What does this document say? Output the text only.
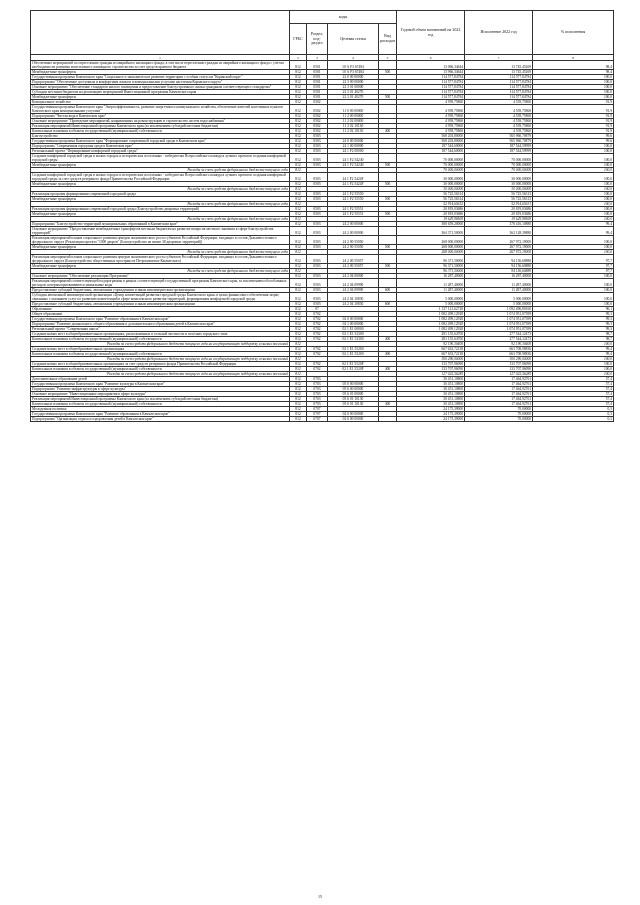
	коды				Годовой объем назначений на 2022 год	Исполнение 2022 год	% исполнения
	ГРБС	Раздел, под-раздел	Целевая статья	Вид расходов			
1	2	3	4	5	6	7	8
Обеспечение мероприятий по переселению граждан из аварийного жилищного фонда, в том числе переселению граждан из аварийного жилищного фонда с учетом необходимости развития малоэтажного жилищного строительства за счет средств краевого бюджета	812	0501	10 А F3 67484		13 966,34644	13 745,45269	98,4
Межбюджетные трансферты	812	0501	10 А F3 67484	500	13 966,34644	13 745,45269	98,4
Государственная программа Камчатского края "Социальное и экономическое развитие территории с особым статусом "Корякский округ"	812	0501	22 0 00 00000		114 577,84784	114 577,84784	100,0
Подпрограмма "Обеспечение доступным и комфортным жильем и коммунальными услугами населения Корякского округа"	812	0501	22 3 00 00000		114 577,84784	114 577,84784	100,0
Основное мероприятие "Обеспечение стандартов жилого помещения и предоставление благоустроенного жилья гражданам соответствующего стандартам"	812	0501	22 3 01 00000		114 577,84784	114 577,84784	100,0
Субсидии местным бюджетам на реализацию мероприятий Инвестиционной программы Камчатского края	812	0501	22 3 01 40270		114 577,84784	114 577,84784	100,0
Межбюджетные трансферты	812	0501	22 3 01 40270	500	114 577,84784	114 577,84784	100,0
Коммунальное хозяйство	812	0502			4 939,75860	4 539,75860	91,9
Государственная программа Камчатского края "Энергоэффективность, развитие энергетики и коммунального хозяйства, обеспечение жителей населенных пунктов Камчатского края коммунальными услугами"	812	0502	11 0 00 00000		4 939,75860	4 539,75860	91,9
Подпрограмма "Чистая вода в Камчатском крае"	812	0502	11 2 00 00000		4 939,75860	4 539,75860	91,9
Основное мероприятие "Проведение мероприятий, направленных на реконструкцию и строительство систем водоснабжения"	812	0502	11 2 02 00000		4 939,75860	4 539,75860	91,9
Реализация мероприятий Инвестиционной программы Камчатского края (за исключением субсидий местным бюджетам)	812	0502	11 2 02 10130		4 939,75860	4 539,75860	91,9
Капитальные вложения в объекты государственной (муниципальной) собственности	812	0502	11 2 02 10130	400	4 939,75860	4 539,75860	91,9
Благоустройство	812	0503			568 203,80000	565 960,70879	99,6
Государственная программа Камчатского края "Формирование современной городской среды в Камчатском крае"	812	0503	24 0 00 00000		568 203,80000	565 960,70879	99,6
Подпрограмма "Современная городская среда в Камчатском крае"	812	0503	24 1 00 00000		187 544,60000	187 544,59999	100,0
Региональный проект "Формирование комфортной городской среды"	812	0503	24 1 F2 00000		187 544,60000	187 544,59999	100,0
Создание комфортной городской среды в малых городах и исторических поселениях - победителях Всероссийского конкурса лучших проектов создания комфортной городской среды	812	0503	24 1 F2 54240		70 000,00000	70 000,00000	100,0
Межбюджетные трансферты	812	0503	24 1 F2 54240	500	70 000,00000	70 000,00000	100,0
Расходы за счет средств федерального бюджета текущего года	812				70 000,00000	70 000,00000	100,0
Создание комфортной городской среды в малых городах и исторических поселениях - победителях Всероссийского конкурса лучших проектов создания комфортной городской среды за счет средств резервного фонда Правительства Российской Федерации	812	0503	24 1 F2 5424F		30 000,00000	30 000,00000	100,0
Межбюджетные трансферты	812	0503	24 1 F2 5424F	500	30 000,00000	30 000,00000	100,0
Расходы за счет средств федерального бюджета текущего года	812				30 000,00000	30 000,00000	100,0
Реализация программ формирования современной городской среды	812	0503	24 1 F2 55550		56 725,56314	56 725,56313	100,0
Межбюджетные трансферты	812	0503	24 1 F2 55550	500	56 725,56314	56 725,56313	100,0
Расходы за счет средств федерального бюджета текущего года	812				52 914,65632	52 914,65631	100,0
Реализация программ формирования современной городской среды (Благоустройство дворовых территорий)	812	0503	24 1 F2 55551		20 819,03686	20 819,03686	100,0
Межбюджетные трансферты	812	0503	24 1 F2 55551	500	20 819,03686	20 819,03686	100,0
Расходы за счет средств федерального бюджета текущего года	812				19 629,98569	19 629,98569	100,0
Подпрограмма "Благоустройство территорий муниципальных образований в Камчатском крае"	812	0503	24 2 00 00000		380 659,20000	378 416,10880	99,4
Основное мероприятие "Предоставление межбюджетных трансфертов местным бюджетам на развитие вопросов местного значения в сфере благоустройства территорий"	812	0503	24 2 00 00000		364 371,50000	362 128,39880	99,4
Реализация мероприятий планов социального развития центров экономического роста субъектов Российской Федерации, входящих в состав Дальневосточного федерального округа (Реализация проекта "1000 дворов" (Благоустройство не менее 38 дворовых территорий))	812	0503	24 2 00 55050		268 000,00000	267 972,19000	100,0
Межбюджетные трансферты	812	0503	24 2 00 55050	500	268 000,00000	267 972,19000	100,0
Расходы за счет средств федерального бюджета текущего года	812				268 000,00000	267 972,19000	100,0
Реализация мероприятий планов социального развития центров экономического роста субъектов Российской Федерации, входящих в состав Дальневосточного федерального округа (Благоустройство общественных пространств Петропавловск-Камчатского)	812	0503	24 2 00 55057		96 371,50000	94 156,60880	97,7
Межбюджетные трансферты	812	0503	24 2 00 55057	500	96 371,50000	94 156,60880	97,7
Расходы за счет средств федерального бюджета текущего года	812				96 371,50000	94 156,60880	97,7
Основное мероприятие "Обеспечение реализации Программы"	812	0503	24 2 04 00000		16 287,40000	16 287,40000	100,0
Реализация мероприятий соответствующей подпрограммы в рамках соответствующей государственной программы Камчатского края, за исключением обособленных расходов, которым присваиваются уникальные коды	812	0503	24 2 04 09990		11 287,40000	11 287,40000	100,0
Предоставление субсидий бюджетным, автономным учреждениям и иным некоммерческим организациям	812	0503	24 2 04 09990	600	11 287,40000	11 287,40000	100,0
Субсидия автономной некоммерческой организации «Центр компетенций развития городской среды Камчатского края» в целях финансового обеспечения затрат, связанных с оказанием услуг по развитию компетенций в сфере комплексного развития территорий, формирования комфортной городской среды	812	0503	24 2 04 10830		5 000,00000	5 000,00000	100,0
Предоставление субсидий бюджетным, автономным учреждениям и иным некоммерческим организациям	812	0503	24 2 04 10830	600	5 000,00000	5 000,00000	100,0
Образование	812	07			1 137 121,62728	1 092 496,80160	96,1
Общее образование	812	0702			1 082 499,12928	1 074 951,07399	99,3
Государственная программа Камчатского края "Развитие образования в Камчатском крае"	812	0702	02 0 00 00000		1 082 499,12928	1 074 951,07399	99,3
Подпрограмма "Развитие дошкольного, общего образования и дополнительного образования детей в Камчатском крае"	812	0702	02 1 00 00000		1 082 499,12928	1 074 951,07399	99,3
Региональный проект "Современная школа"	812	0702	02 1 E1 00000		1 082 499,12928	1 074 951,07399	99,3
Создание новых мест в общеобразовательных организациях, расположенных в сельской местности и поселках городского типа	812	0702	02 1 E1 52300		281 155,64700	277 544,12473	98,7
Капитальные вложения в объекты государственной (муниципальной) собственности	812	0702	02 1 E1 52300	400	281 155,64700	277 544,12473	98,7
Расходы за счет средств федерального бюджета текущего года на государственную поддержку сельских поселений	812				92 190,30400	92 190,30400	100,0
Создание новых мест в общеобразовательных организациях	812	0702	02 1 E1 55200		667 633,72138	663 708,98836	99,4
Капитальные вложения в объекты государственной (муниципальной) собственности	812	0702	02 1 E1 55200	400	667 633,72138	663 708,98836	99,4
Расходы за счет средств федерального бюджета текущего года на государственную поддержку сельских поселений	812				300 290,00000	300 290,00000	100,0
Создание новых мест в общеобразовательных организациях за счет средств резервного фонда Правительства Российской Федерации	812	0702	02 1 E1 5520F		133 707,96090	133 707,96090	100,0
Капитальные вложения в объекты государственной (муниципальной) собственности	812	0702	02 1 E1 5520F	400	133 707,96090	133 707,96090	100,0
Расходы за счет средств федерального бюджета текущего года на государственную поддержку сельских поселений	812				127 022,56285	127 022,56285	100,0
Дополнительное образование детей	812	0703			30 451,10800	17 464,92761	57,4
Государственная программа Камчатского края "Развитие культуры в Камчатском крае"	812	0703	05 0 00 00000		30 451,10800	17 464,92761	57,4
Подпрограмма "Развитие инфраструктуры в сфере культуры"	812	0703	05 6 00 00000		30 451,10800	17 464,92761	57,4
Основное мероприятие "Инвестиционные мероприятия в сфере культуры"	812	0703	05 6 01 00000		30 451,10800	17 464,92761	57,4
Реализация мероприятий Инвестиционной программы Камчатского края (за исключением субсидий местным бюджетам)	812	0703	05 6 01 10130		30 451,10800	17 464,92761	57,4
Капитальные вложения в объекты государственной (муниципальной) собственности	812	0703	05 6 01 10130	400	30 451,10800	17 464,92761	57,4
Молодежная политика	812	0707			24 175,39000	70,00000	0,3
Государственная программа Камчатского края "Развитие образования в Камчатском крае"	812	0707	02 0 00 00000		24 175,39000	70,00000	0,3
Подпрограмма "Организация отдыха и оздоровления детей в Камчатском крае"	812	0707	02 6 00 00000		24 175,39000	70,00000	0,3
15
